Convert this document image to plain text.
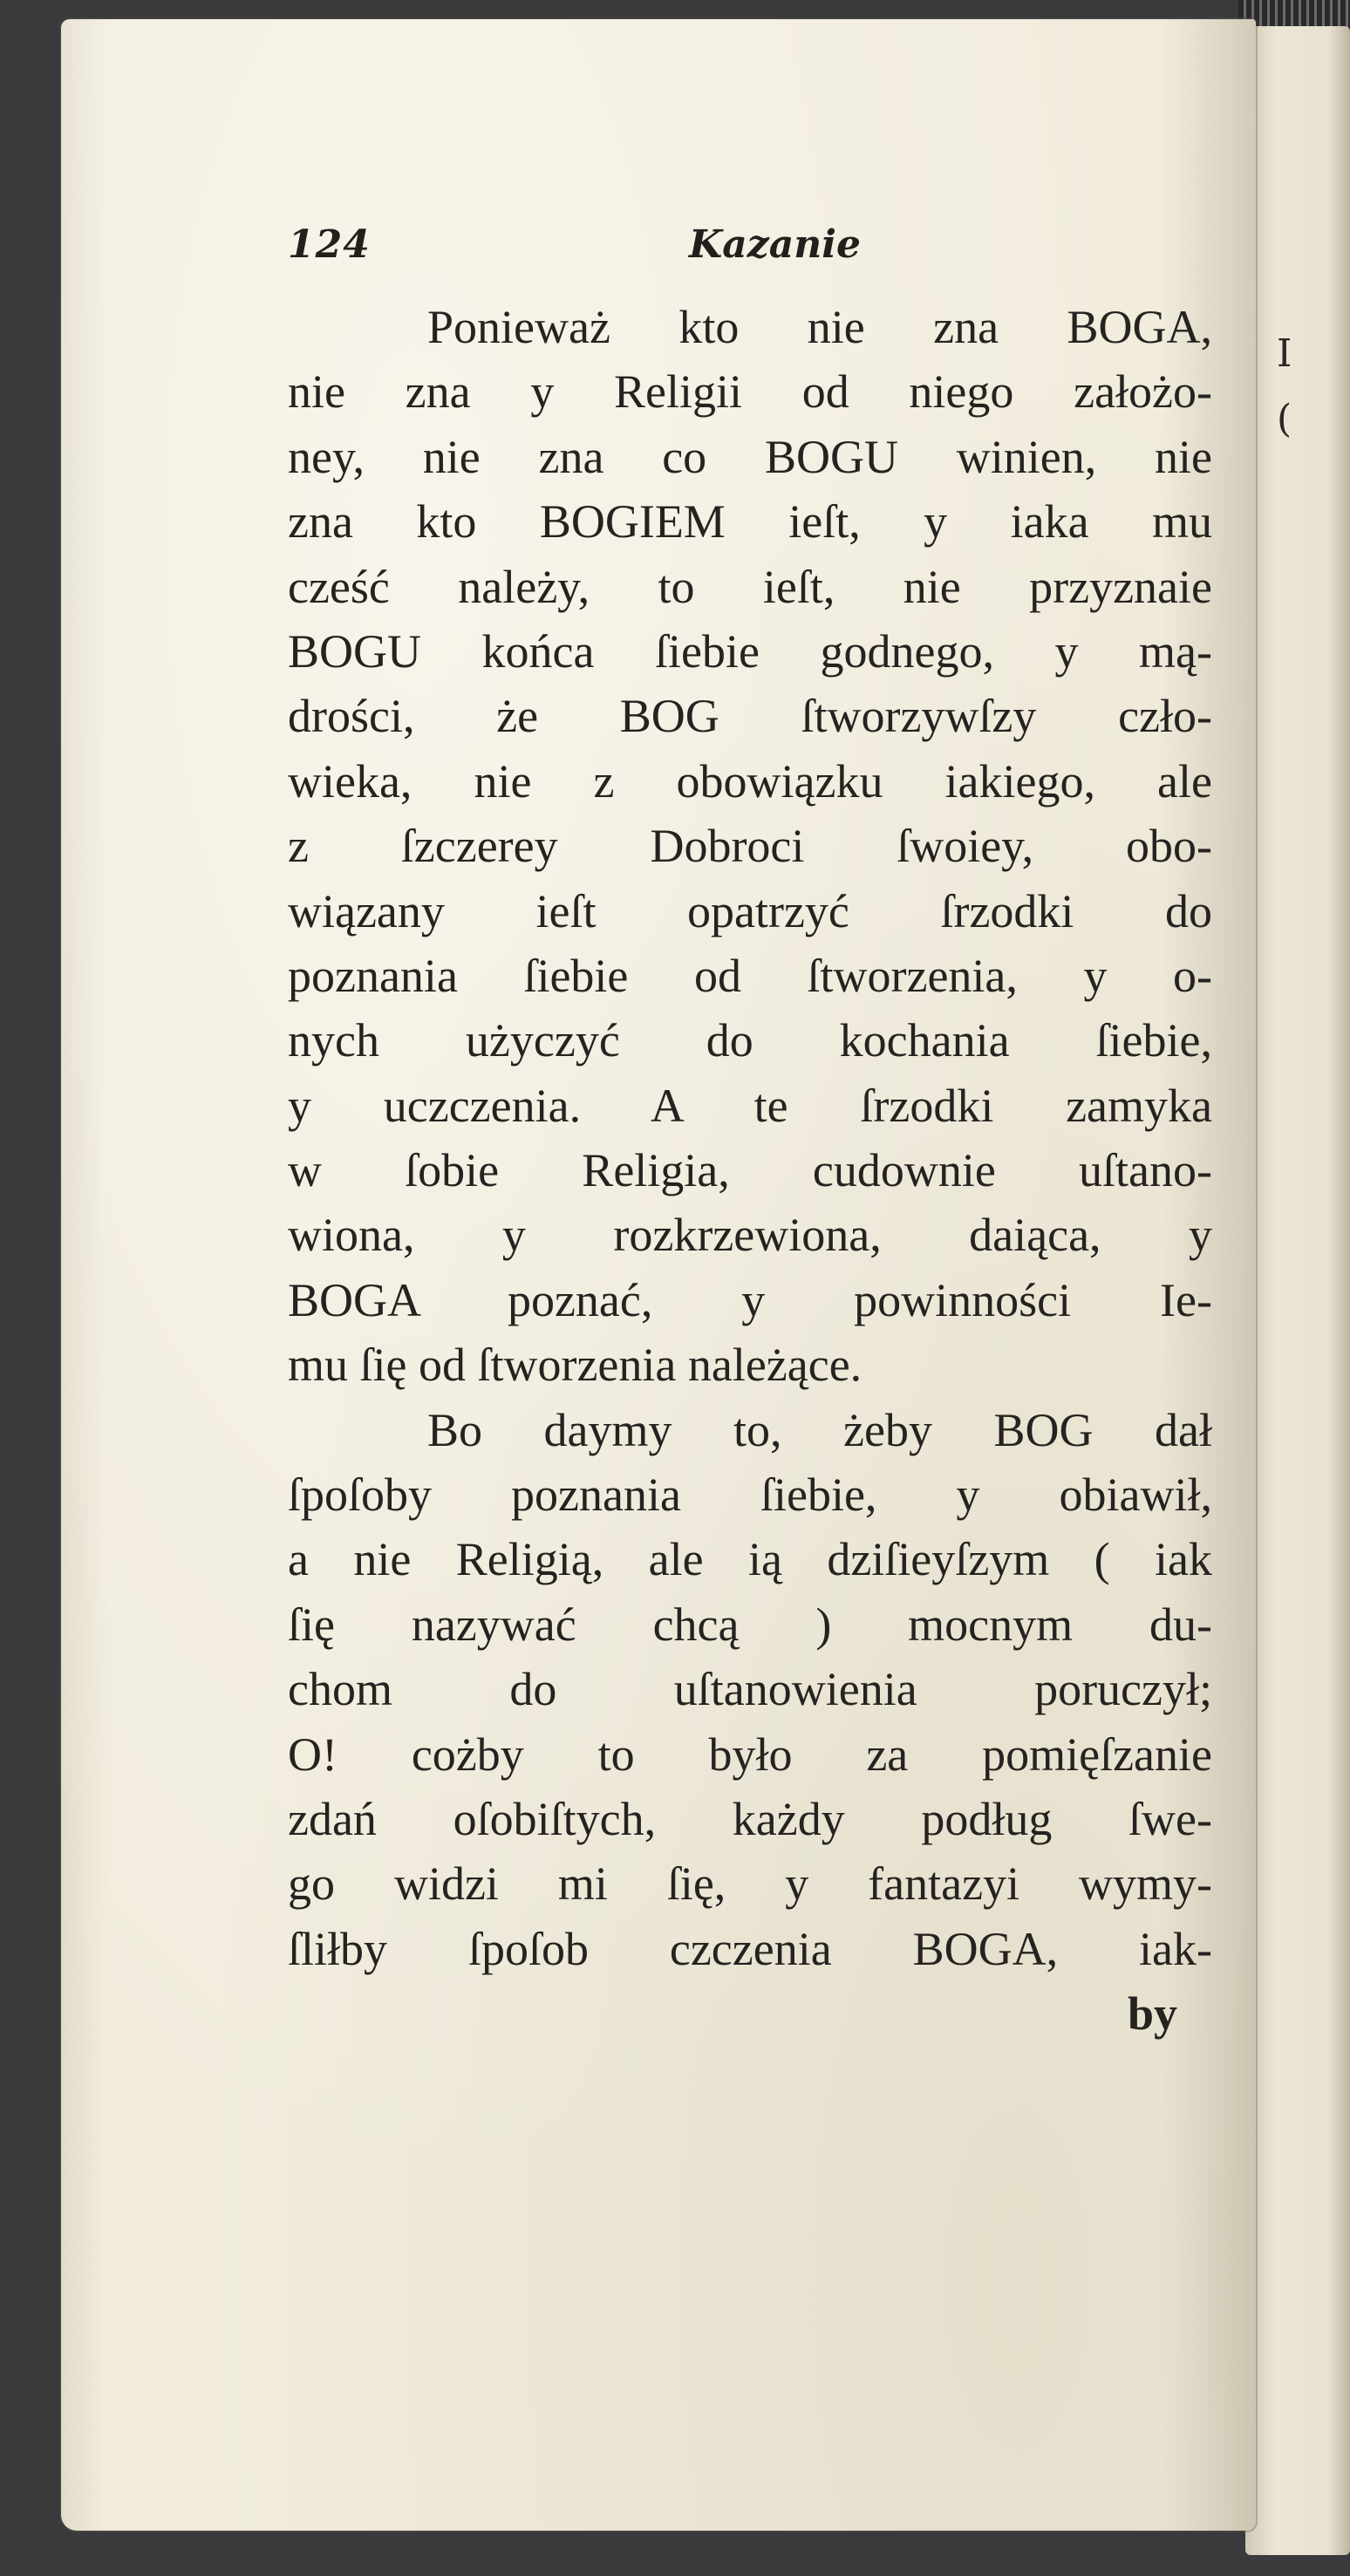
I
(
124	Kazanie
Ponieważ kto nie zna BOGA,
nie zna y Religii od niego założo-
ney, nie zna co BOGU winien, nie
zna kto BOGIEM ieſt, y iaka mu
cześć należy, to ieſt, nie przyznaie
BOGU końca ſiebie godnego, y mą-
drości, że BOG ſtworzywſzy czło-
wieka, nie z obowiązku iakiego, ale
z ſzczerey Dobroci ſwoiey, obo-
wiązany ieſt opatrzyć ſrzodki do
poznania ſiebie od ſtworzenia, y o-
nych użyczyć do kochania ſiebie,
y uczczenia. A te ſrzodki zamyka
w ſobie Religia, cudownie uſtano-
wiona, y rozkrzewiona, daiąca, y
BOGA poznać, y powinności Ie-
mu ſię od ſtworzenia należące.
Bo daymy to, żeby BOG dał
ſpoſoby poznania ſiebie, y obiawił,
a nie Religią, ale ią dziſieyſzym ( iak
ſię nazywać chcą ) mocnym du-
chom do uſtanowienia poruczył;
O! cożby to było za pomięſzanie
zdań oſobiſtych, każdy podług ſwe-
go widzi mi ſię, y fantazyi wymy-
ſliłby ſpoſob czczenia BOGA, iak-
by
